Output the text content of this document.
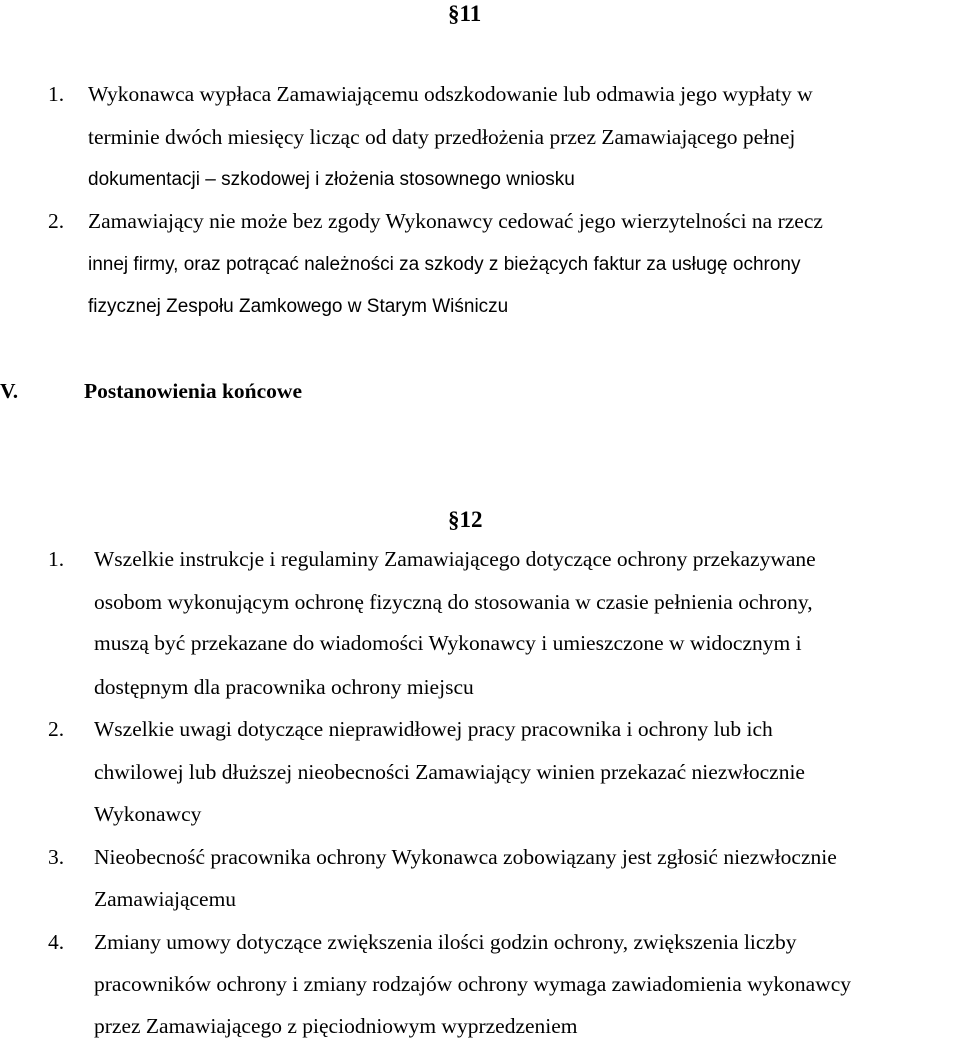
§11
1. Wykonawca wypłaca Zamawiającemu odszkodowanie lub odmawia jego wypłaty w
terminie dwóch miesięcy licząc od daty przedłożenia przez Zamawiającego pełnej
dokumentacji – szkodowej i złożenia stosownego wniosku
2. Zamawiający nie może bez zgody Wykonawcy cedować jego wierzytelności na rzecz
innej firmy, oraz potrącać należności za szkody z bieżących faktur za usługę ochrony
fizycznej Zespołu Zamkowego w Starym Wiśniczu
V.	Postanowienia końcowe
§12
1. Wszelkie instrukcje i regulaminy Zamawiającego dotyczące ochrony przekazywane
osobom wykonującym ochronę fizyczną do stosowania w czasie pełnienia ochrony,
muszą być przekazane do wiadomości Wykonawcy i umieszczone w widocznym i
dostępnym dla pracownika ochrony miejscu
2. Wszelkie uwagi dotyczące nieprawidłowej pracy pracownika i ochrony lub ich
chwilowej lub dłuższej nieobecności Zamawiający winien przekazać niezwłocznie
Wykonawcy
3. Nieobecność pracownika ochrony Wykonawca zobowiązany jest zgłosić niezwłocznie
Zamawiającemu
4. Zmiany umowy dotyczące zwiększenia ilości godzin ochrony, zwiększenia liczby
pracowników ochrony i zmiany rodzajów ochrony wymaga zawiadomienia wykonawcy
przez Zamawiającego z pięciodniowym wyprzedzeniem
